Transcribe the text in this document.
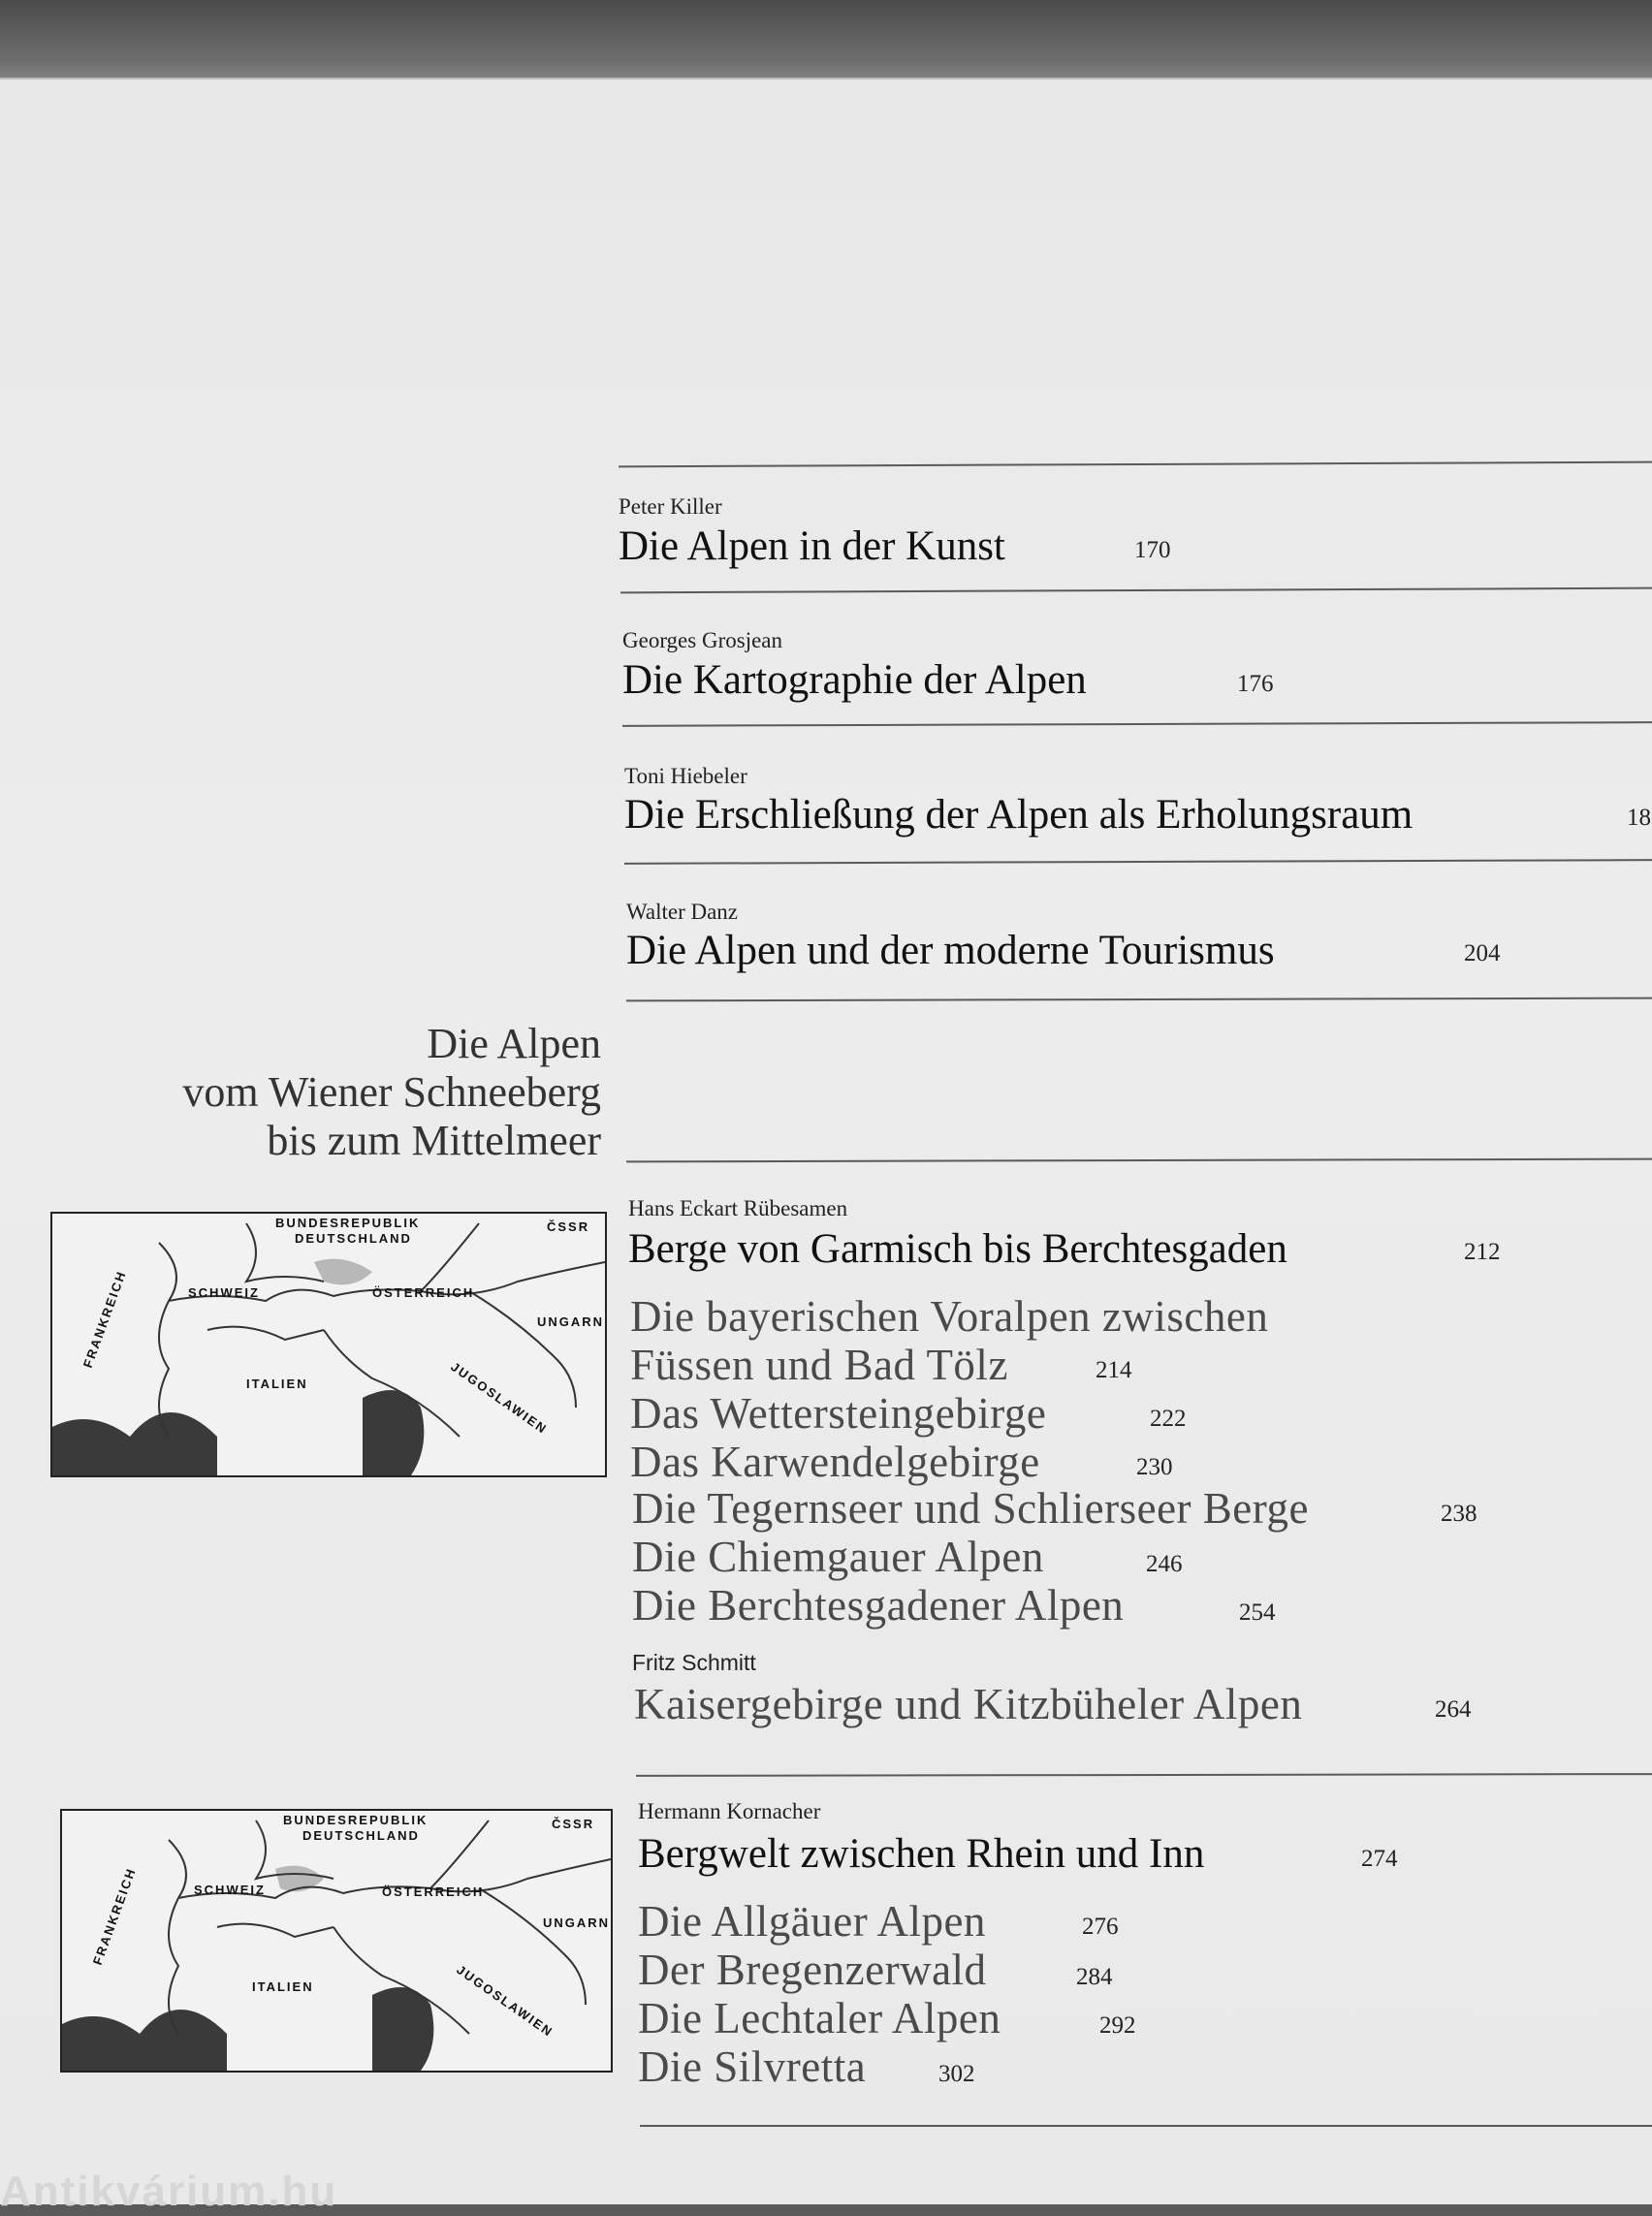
Peter Killer
Die Alpen in der Kunst	170
Georges Grosjean
Die Kartographie der Alpen	176
Toni Hiebeler
Die Erschließung der Alpen als Erholungsraum	18
Walter Danz
Die Alpen und der moderne Tourismus	204
Die Alpen
vom Wiener Schneeberg
bis zum Mittelmeer
BUNDESREPUBLIK
DEUTSCHLAND
ČSSR
FRANKREICH	SCHWEIZ	ÖSTERREICH
UNGARN
ITALIEN	JUGOSLAWIEN
Hans Eckart Rübesamen
Berge von Garmisch bis Berchtesgaden	212
Die bayerischen Voralpen zwischen
Füssen und Bad Tölz	214
Das Wettersteingebirge	222
Das Karwendelgebirge	230
Die Tegernseer und Schlierseer Berge	238
Die Chiemgauer Alpen	246
Die Berchtesgadener Alpen	254
Fritz Schmitt
Kaisergebirge und Kitzbüheler Alpen	264
BUNDESREPUBLIK
DEUTSCHLAND
ČSSR
FRANKREICH	SCHWEIZ	ÖSTERREICH
UNGARN
ITALIEN	JUGOSLAWIEN
Hermann Kornacher
Bergwelt zwischen Rhein und Inn	274
Die Allgäuer Alpen	276
Der Bregenzerwald	284
Die Lechtaler Alpen	292
Die Silvretta	302
Antikvárium.hu
